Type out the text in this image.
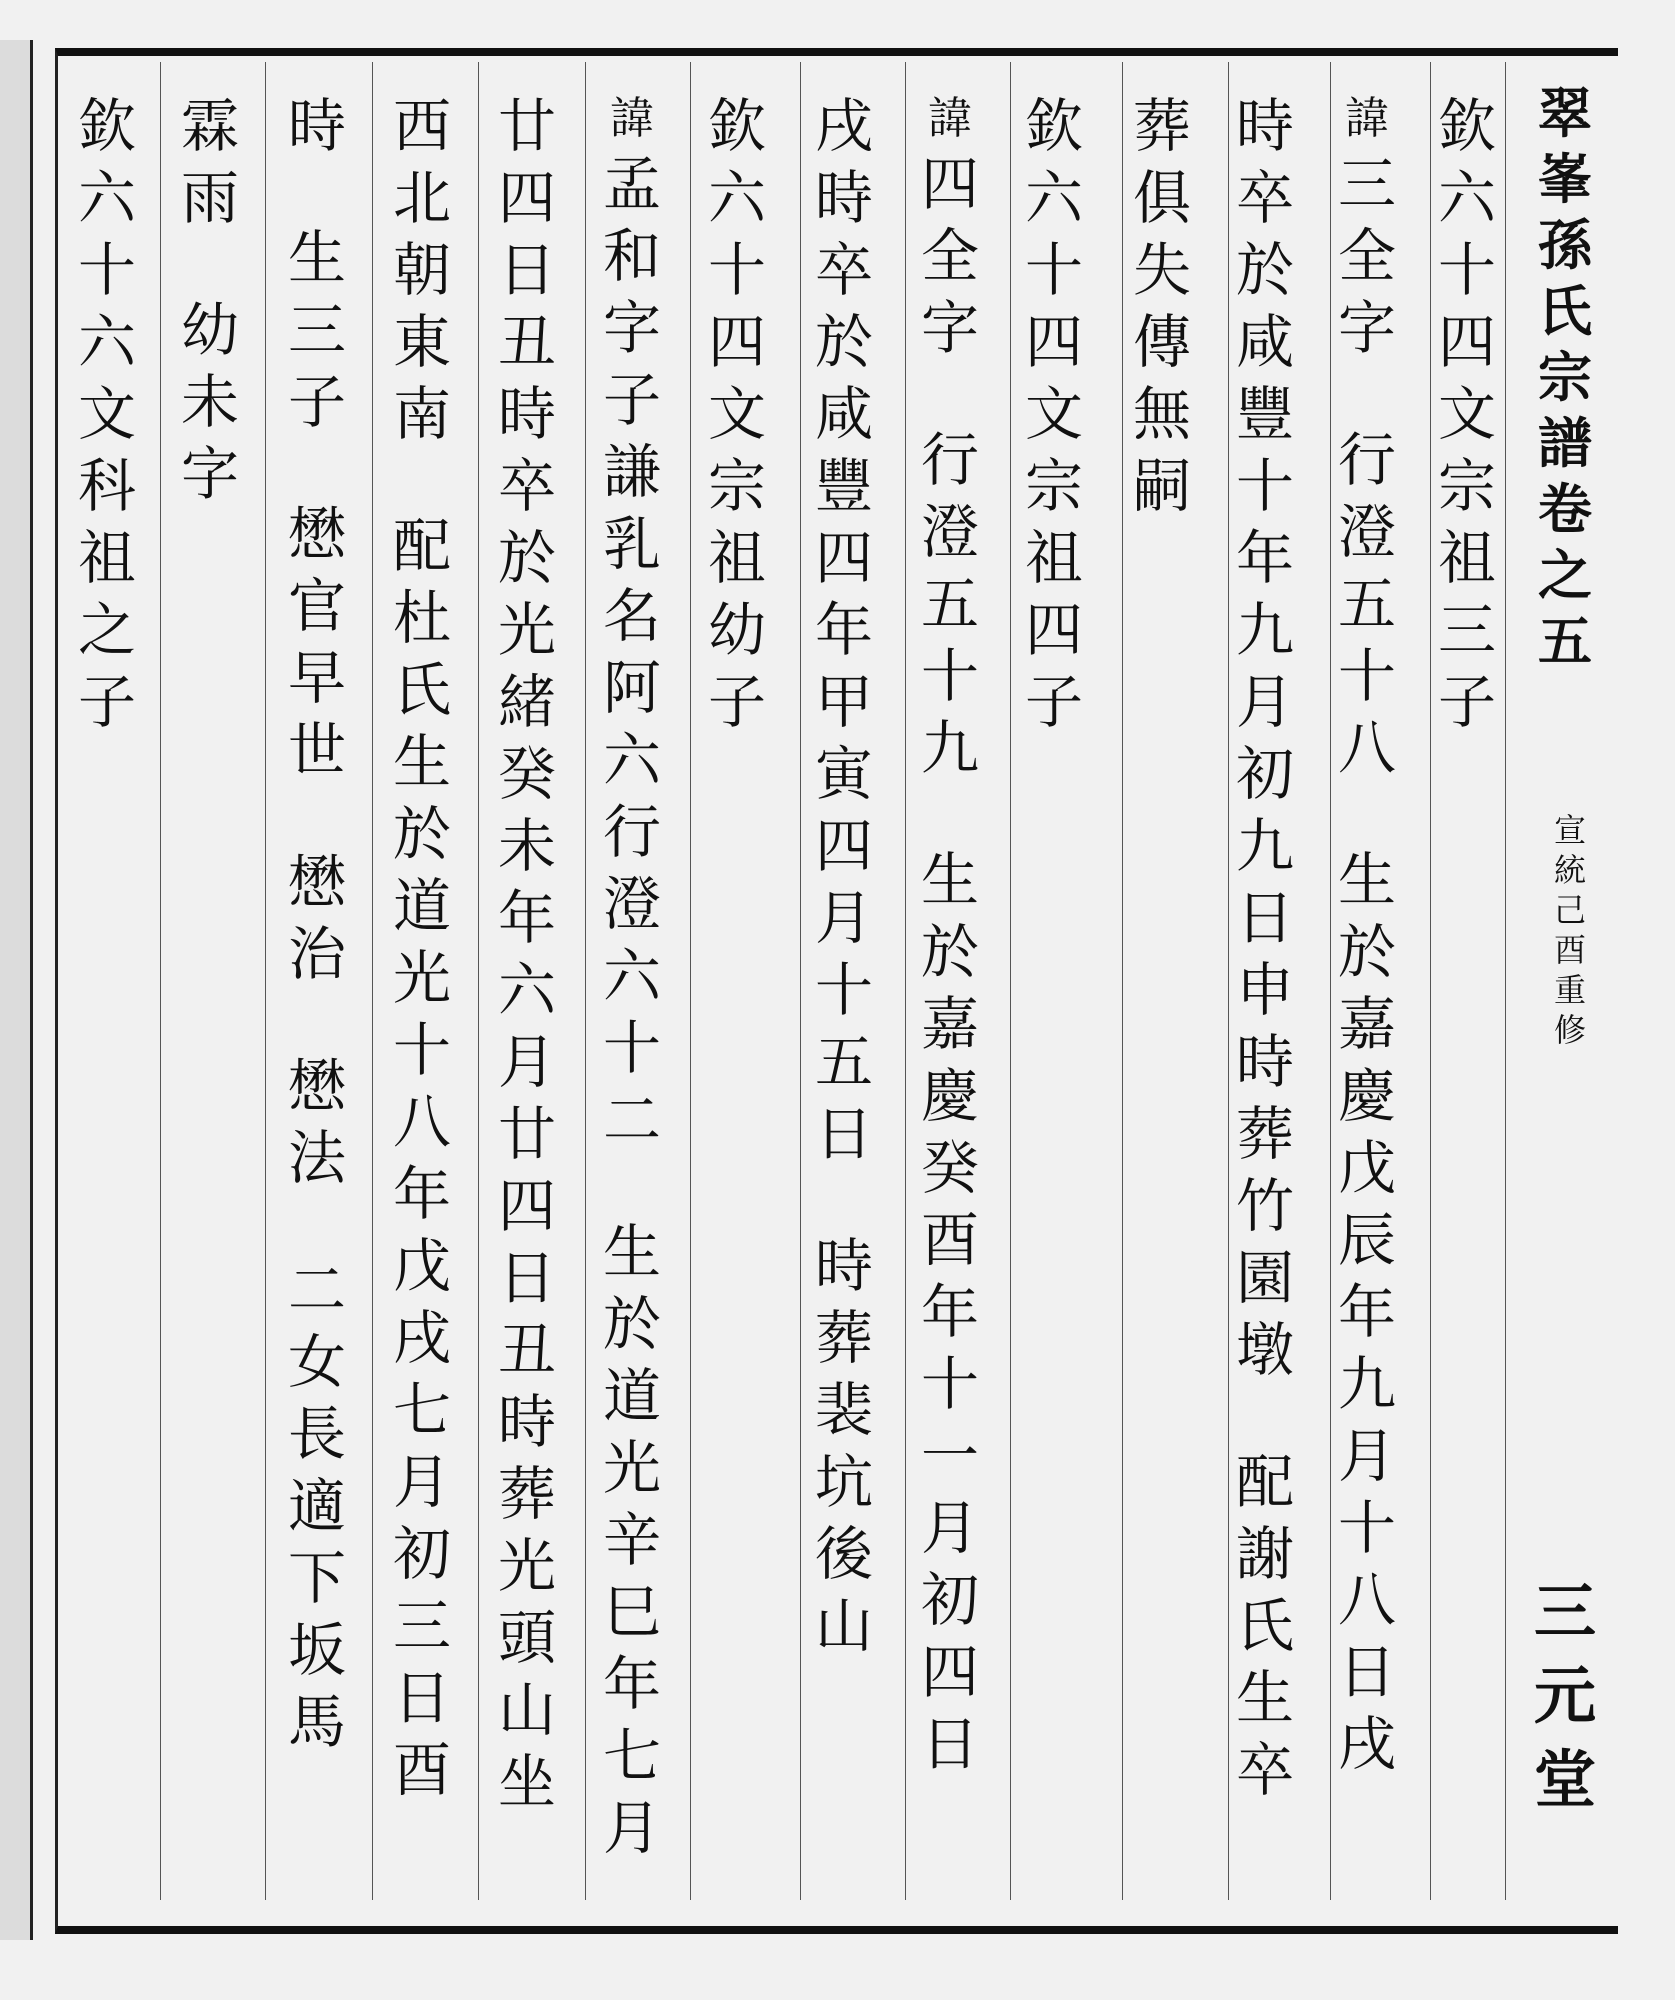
翠
峯
孫
氏
宗
譜
卷
之
五
宣
統
己
酉
重
修
三
元
堂
欽
六
十
四
文
宗
祖
三
子
諱
三
全
字
行
澄
五
十
八
生
於
嘉
慶
戊
辰
年
九
月
十
八
日
戌
時
卒
於
咸
豐
十
年
九
月
初
九
日
申
時
葬
竹
園
墩
配
謝
氏
生
卒
葬
俱
失
傳
無
嗣
欽
六
十
四
文
宗
祖
四
子
諱
四
全
字
行
澄
五
十
九
生
於
嘉
慶
癸
酉
年
十
一
月
初
四
日
戌
時
卒
於
咸
豐
四
年
甲
寅
四
月
十
五
日
時
葬
裴
坑
後
山
欽
六
十
四
文
宗
祖
幼
子
諱
孟
和
字
子
謙
乳
名
阿
六
行
澄
六
十
二
生
於
道
光
辛
巳
年
七
月
廿
四
日
丑
時
卒
於
光
緒
癸
未
年
六
月
廿
四
日
丑
時
葬
光
頭
山
坐
西
北
朝
東
南
配
杜
氏
生
於
道
光
十
八
年
戊
戌
七
月
初
三
日
酉
時
生
三
子
懋
官
早
世
懋
治
懋
法
二
女
長
適
下
坂
馬
霖
雨
幼
未
字
欽
六
十
六
文
科
祖
之
子
